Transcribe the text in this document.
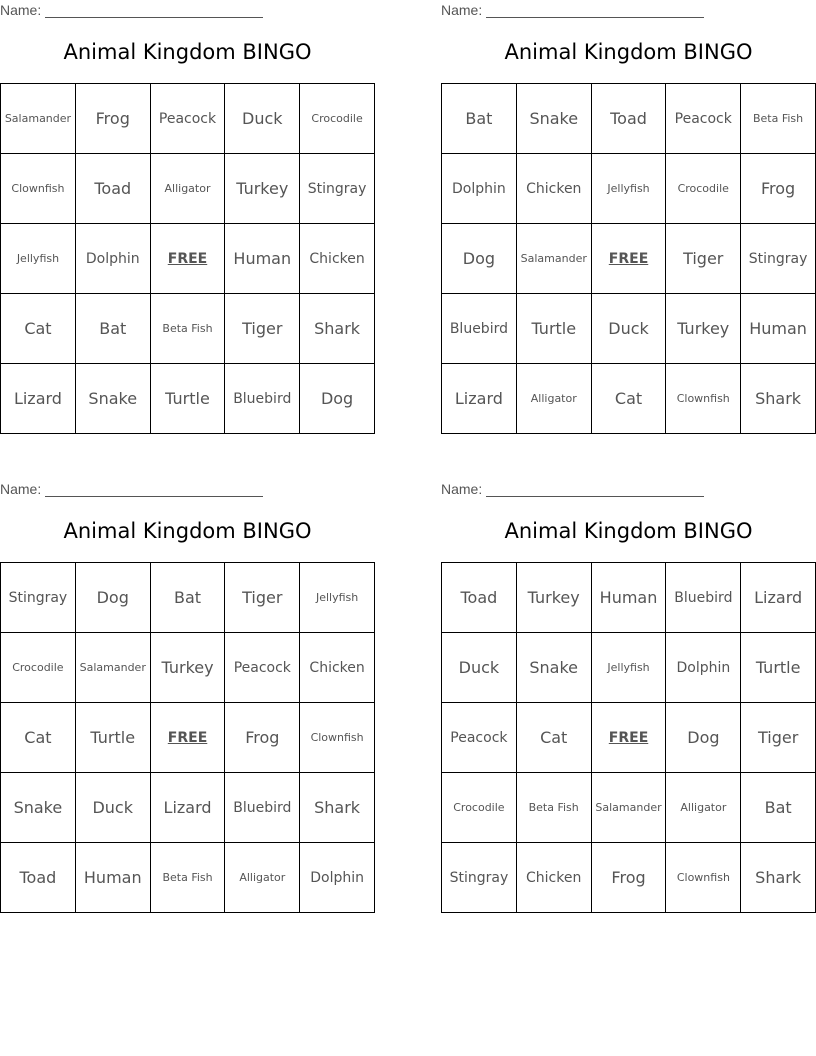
Name:
Animal Kingdom BINGO
Salamander	Frog	Peacock	Duck	Crocodile
Clownfish	Toad	Alligator	Turkey	Stingray
Jellyfish	Dolphin	FREE	Human	Chicken
Cat	Bat	Beta Fish	Tiger	Shark
Lizard	Snake	Turtle	Bluebird	Dog
Name:
Animal Kingdom BINGO
Bat	Snake	Toad	Peacock	Beta Fish
Dolphin	Chicken	Jellyfish	Crocodile	Frog
Dog	Salamander	FREE	Tiger	Stingray
Bluebird	Turtle	Duck	Turkey	Human
Lizard	Alligator	Cat	Clownfish	Shark
Name:
Animal Kingdom BINGO
Stingray	Dog	Bat	Tiger	Jellyfish
Crocodile	Salamander	Turkey	Peacock	Chicken
Cat	Turtle	FREE	Frog	Clownfish
Snake	Duck	Lizard	Bluebird	Shark
Toad	Human	Beta Fish	Alligator	Dolphin
Name:
Animal Kingdom BINGO
Toad	Turkey	Human	Bluebird	Lizard
Duck	Snake	Jellyfish	Dolphin	Turtle
Peacock	Cat	FREE	Dog	Tiger
Crocodile	Beta Fish	Salamander	Alligator	Bat
Stingray	Chicken	Frog	Clownfish	Shark
